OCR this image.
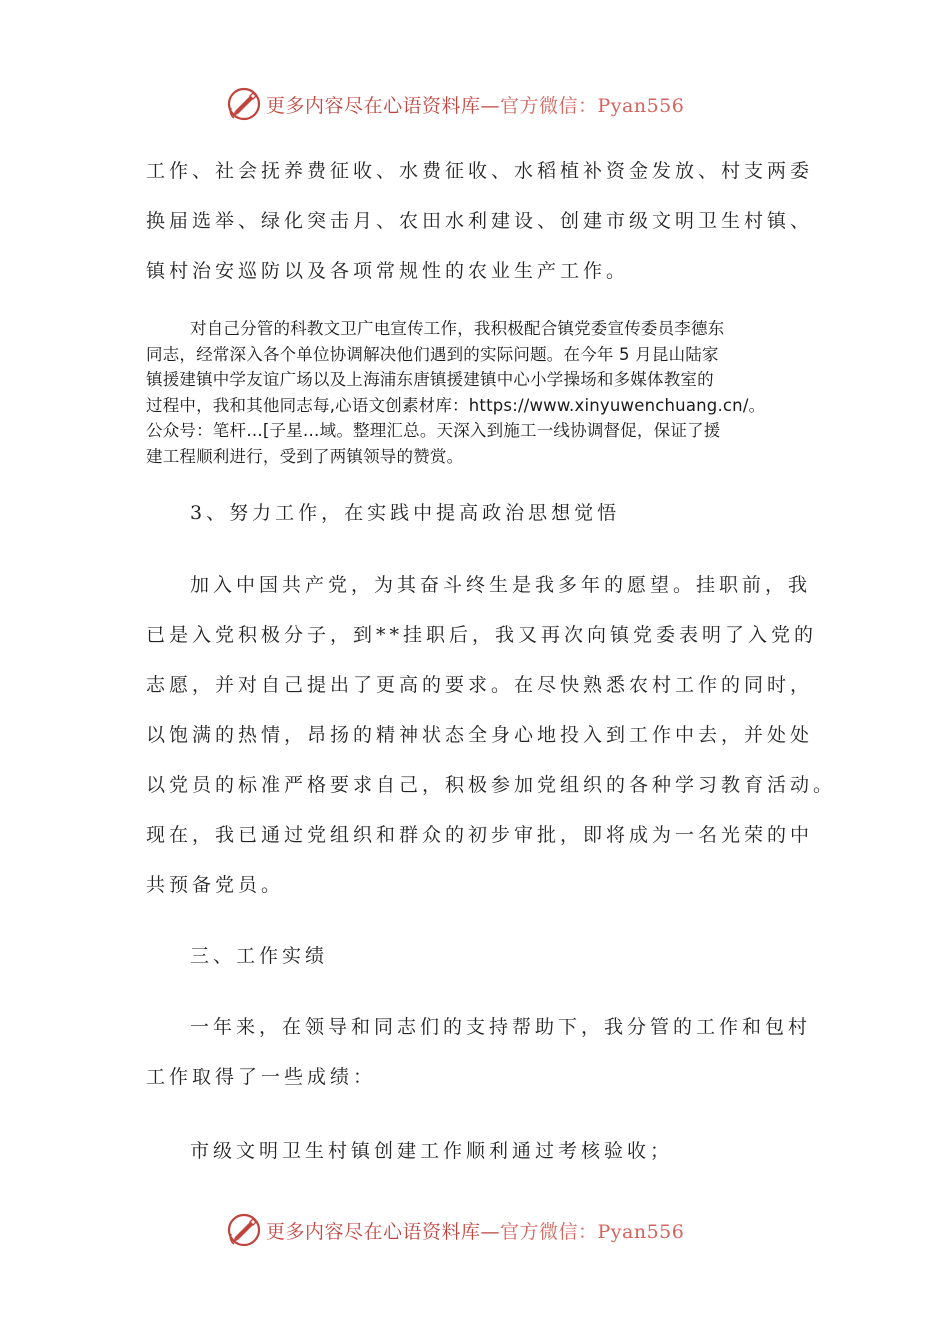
更多内容尽在心语资料库—官方微信：Pyan556
工作、社会抚养费征收、水费征收、水稻植补资金发放、村支两委
换届选举、绿化突击月、农田水利建设、创建市级文明卫生村镇、
镇村治安巡防以及各项常规性的农业生产工作。
对自己分管的科教文卫广电宣传工作，我积极配合镇党委宣传委员李德东
同志，经常深入各个单位协调解决他们遇到的实际问题。在今年 5 月昆山陆家
镇援建镇中学友谊广场以及上海浦东唐镇援建镇中心小学操场和多媒体教室的
过程中，我和其他同志每,心语文创素材库：https://www.xinyuwenchuang.cn/。
公众号：笔杆…[子星…域。整理汇总。天深入到施工一线协调督促，保证了援
建工程顺利进行，受到了两镇领导的赞赏。
3、努力工作，在实践中提高政治思想觉悟
加入中国共产党，为其奋斗终生是我多年的愿望。挂职前，我
已是入党积极分子，到**挂职后，我又再次向镇党委表明了入党的
志愿，并对自己提出了更高的要求。在尽快熟悉农村工作的同时，
以饱满的热情，昂扬的精神状态全身心地投入到工作中去，并处处
以党员的标准严格要求自己，积极参加党组织的各种学习教育活动。
现在，我已通过党组织和群众的初步审批，即将成为一名光荣的中
共预备党员。
三、工作实绩
一年来，在领导和同志们的支持帮助下，我分管的工作和包村
工作取得了一些成绩：
市级文明卫生村镇创建工作顺利通过考核验收；
更多内容尽在心语资料库—官方微信：Pyan556
